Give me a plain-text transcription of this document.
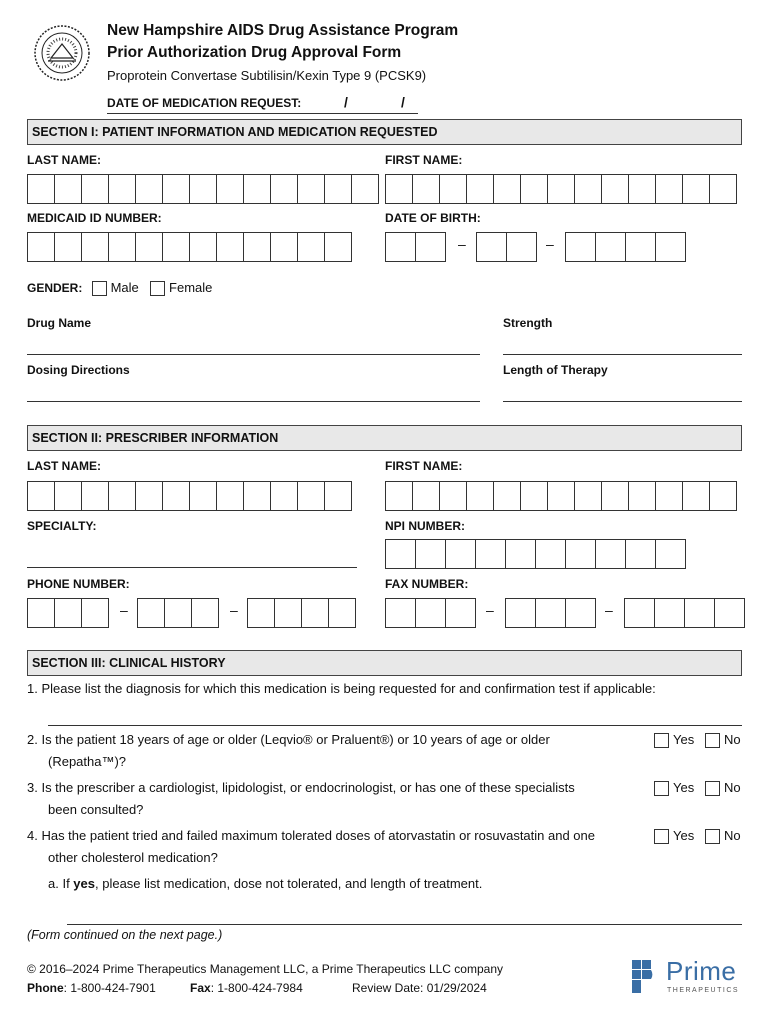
New Hampshire AIDS Drug Assistance Program
Prior Authorization Drug Approval Form
Proprotein Convertase Subtilisin/Kexin Type 9 (PCSK9)
DATE OF MEDICATION REQUEST:	/	/
SECTION I: PATIENT INFORMATION AND MEDICATION REQUESTED
LAST NAME:	FIRST NAME:
MEDICAID ID NUMBER:	DATE OF BIRTH:
–	–
GENDER: Male Female
Drug Name	Strength
Dosing Directions	Length of Therapy
SECTION II: PRESCRIBER INFORMATION
LAST NAME:	FIRST NAME:
SPECIALTY:	NPI NUMBER:
PHONE NUMBER:	FAX NUMBER:
–	–	–	–
SECTION III: CLINICAL HISTORY
1. Please list the diagnosis for which this medication is being requested for and confirmation test if applicable:
2. Is the patient 18 years of age or older (Leqvio® or Praluent®) or 10 years of age or older
(Repatha™)?
Yes	No
3. Is the prescriber a cardiologist, lipidologist, or endocrinologist, or has one of these specialists
been consulted?
Yes	No
4. Has the patient tried and failed maximum tolerated doses of atorvastatin or rosuvastatin and one
other cholesterol medication?
Yes	No
a. If yes, please list medication, dose not tolerated, and length of treatment.
(Form continued on the next page.)
© 2016–2024 Prime Therapeutics Management LLC, a Prime Therapeutics LLC company
Phone: 1-800-424-7901	Fax: 1-800-424-7984	Review Date: 01/29/2024
Prime
THERAPEUTICS
